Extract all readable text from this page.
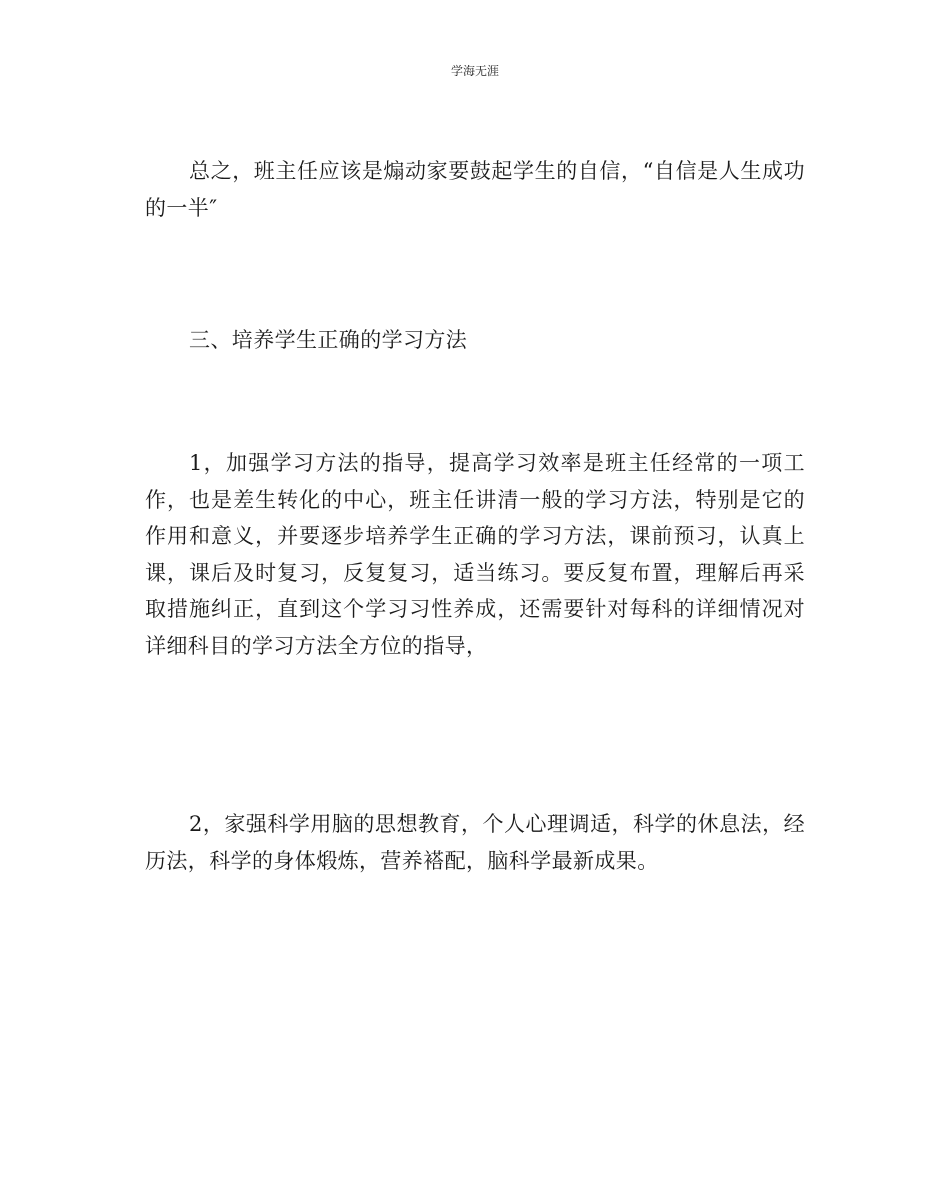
学海无涯

总之，班主任应该是煽动家要鼓起学生的自信，“自信是人生成功的一半″

三、培养学生正确的学习方法

1，加强学习方法的指导，提高学习效率是班主任经常的一项工作，也是差生转化的中心，班主任讲清一般的学习方法，特别是它的作用和意义，并要逐步培养学生正确的学习方法，课前预习，认真上课，课后及时复习，反复复习，适当练习。要反复布置，理解后再采取措施纠正，直到这个学习习性养成，还需要针对每科的详细情况对详细科目的学习方法全方位的指导，

2，家强科学用脑的思想教育，个人心理调适，科学的休息法，经历法，科学的身体煅炼，营养褡配，脑科学最新成果。
